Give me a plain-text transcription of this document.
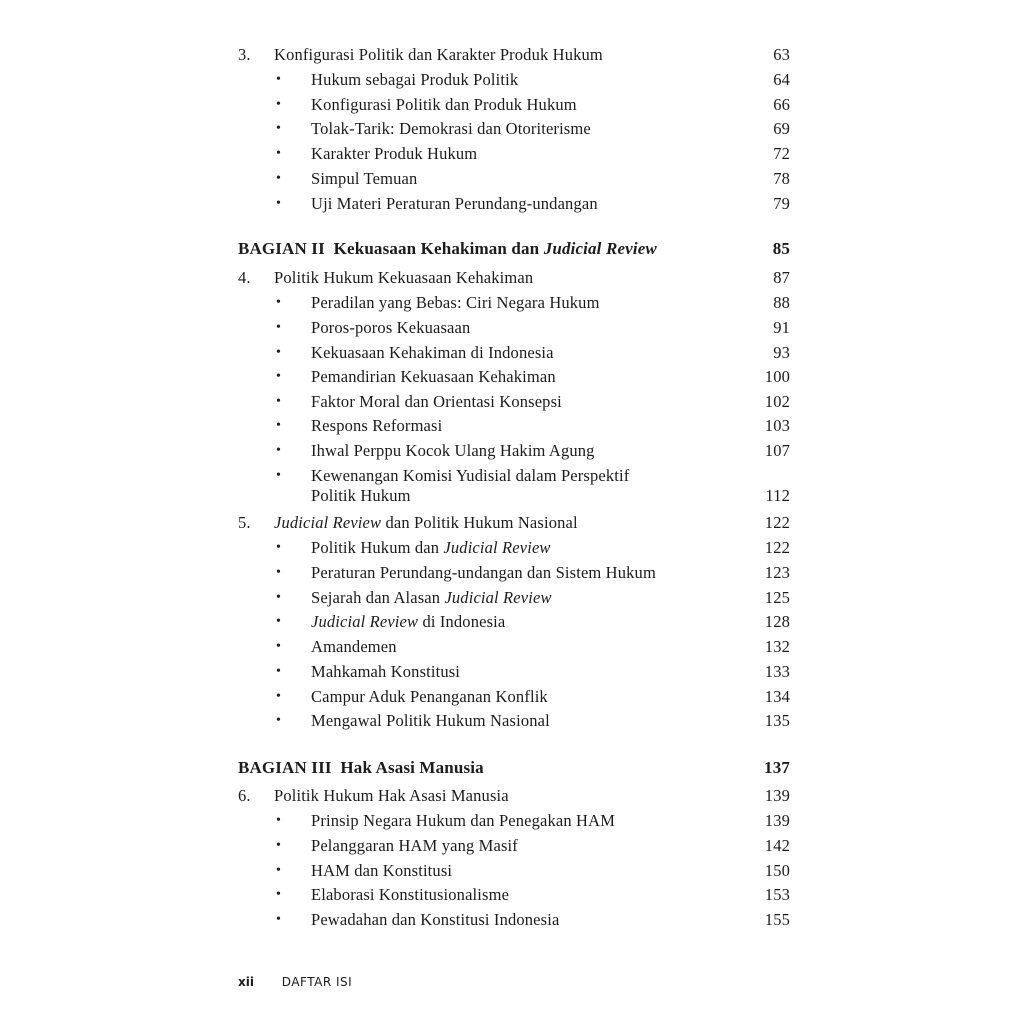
3. Konfigurasi Politik dan Karakter Produk Hukum	63
• Hukum sebagai Produk Politik	64
• Konfigurasi Politik dan Produk Hukum	66
• Tolak-Tarik: Demokrasi dan Otoriterisme	69
• Karakter Produk Hukum	72
• Simpul Temuan	78
• Uji Materi Peraturan Perundang-undangan	79
BAGIAN II Kekuasaan Kehakiman dan Judicial Review	85
4. Politik Hukum Kekuasaan Kehakiman	87
• Peradilan yang Bebas: Ciri Negara Hukum	88
• Poros-poros Kekuasaan	91
• Kekuasaan Kehakiman di Indonesia	93
• Pemandirian Kekuasaan Kehakiman	100
• Faktor Moral dan Orientasi Konsepsi	102
• Respons Reformasi	103
• Ihwal Perppu Kocok Ulang Hakim Agung	107
• Kewenangan Komisi Yudisial dalam Perspektif
Politik Hukum	112
5. Judicial Review dan Politik Hukum Nasional	122
• Politik Hukum dan Judicial Review	122
• Peraturan Perundang-undangan dan Sistem Hukum	123
• Sejarah dan Alasan Judicial Review	125
• Judicial Review di Indonesia	128
• Amandemen	132
• Mahkamah Konstitusi	133
• Campur Aduk Penanganan Konflik	134
• Mengawal Politik Hukum Nasional	135
BAGIAN III Hak Asasi Manusia	137
6. Politik Hukum Hak Asasi Manusia	139
• Prinsip Negara Hukum dan Penegakan HAM	139
• Pelanggaran HAM yang Masif	142
• HAM dan Konstitusi	150
• Elaborasi Konstitusionalisme	153
• Pewadahan dan Konstitusi Indonesia	155
xii DAFTAR ISI
